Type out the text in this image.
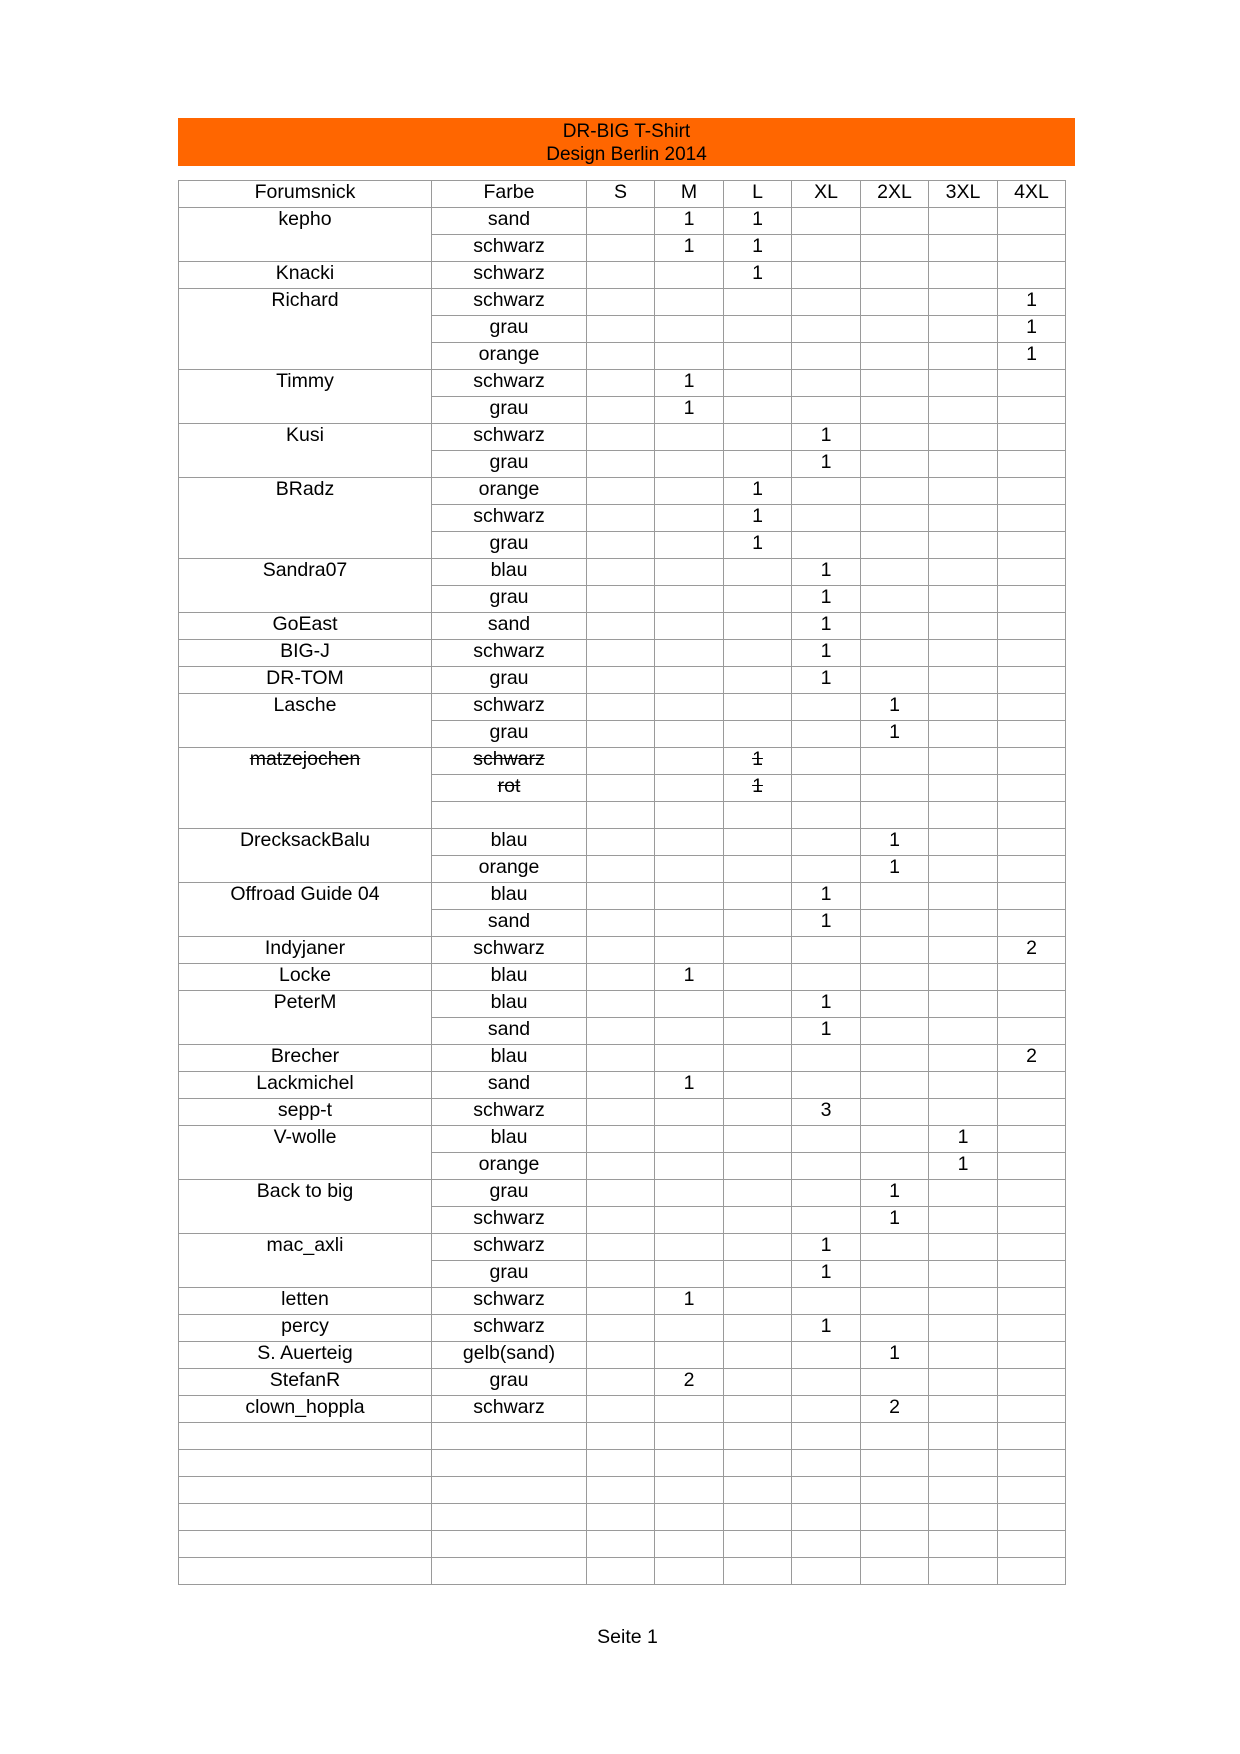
DR-BIG T-Shirt
Design Berlin 2014
Forumsnick	Farbe	S	M	L	XL	2XL	3XL	4XL
kepho	sand		1	1				
	schwarz		1	1				
Knacki	schwarz			1				
Richard	schwarz							1
	grau							1
	orange							1
Timmy	schwarz		1					
	grau		1					
Kusi	schwarz				1			
	grau				1			
BRadz	orange			1				
	schwarz			1				
	grau			1				
Sandra07	blau				1			
	grau				1			
GoEast	sand				1			
BIG-J	schwarz				1			
DR-TOM	grau				1			
Lasche	schwarz					1		
	grau					1		
matzejochen	schwarz			1				
	rot			1				

DrecksackBalu	blau					1		
	orange					1		
Offroad Guide 04	blau				1			
	sand				1			
Indyjaner	schwarz							2
Locke	blau		1					
PeterM	blau				1			
	sand				1			
Brecher	blau							2
Lackmichel	sand		1					
sepp-t	schwarz				3			
V-wolle	blau						1	
	orange						1	
Back to big	grau					1		
	schwarz					1		
mac_axli	schwarz				1			
	grau				1			
letten	schwarz		1					
percy	schwarz				1			
S. Auerteig	gelb(sand)					1		
StefanR	grau		2					
clown_hoppla	schwarz					2		

Seite 1
